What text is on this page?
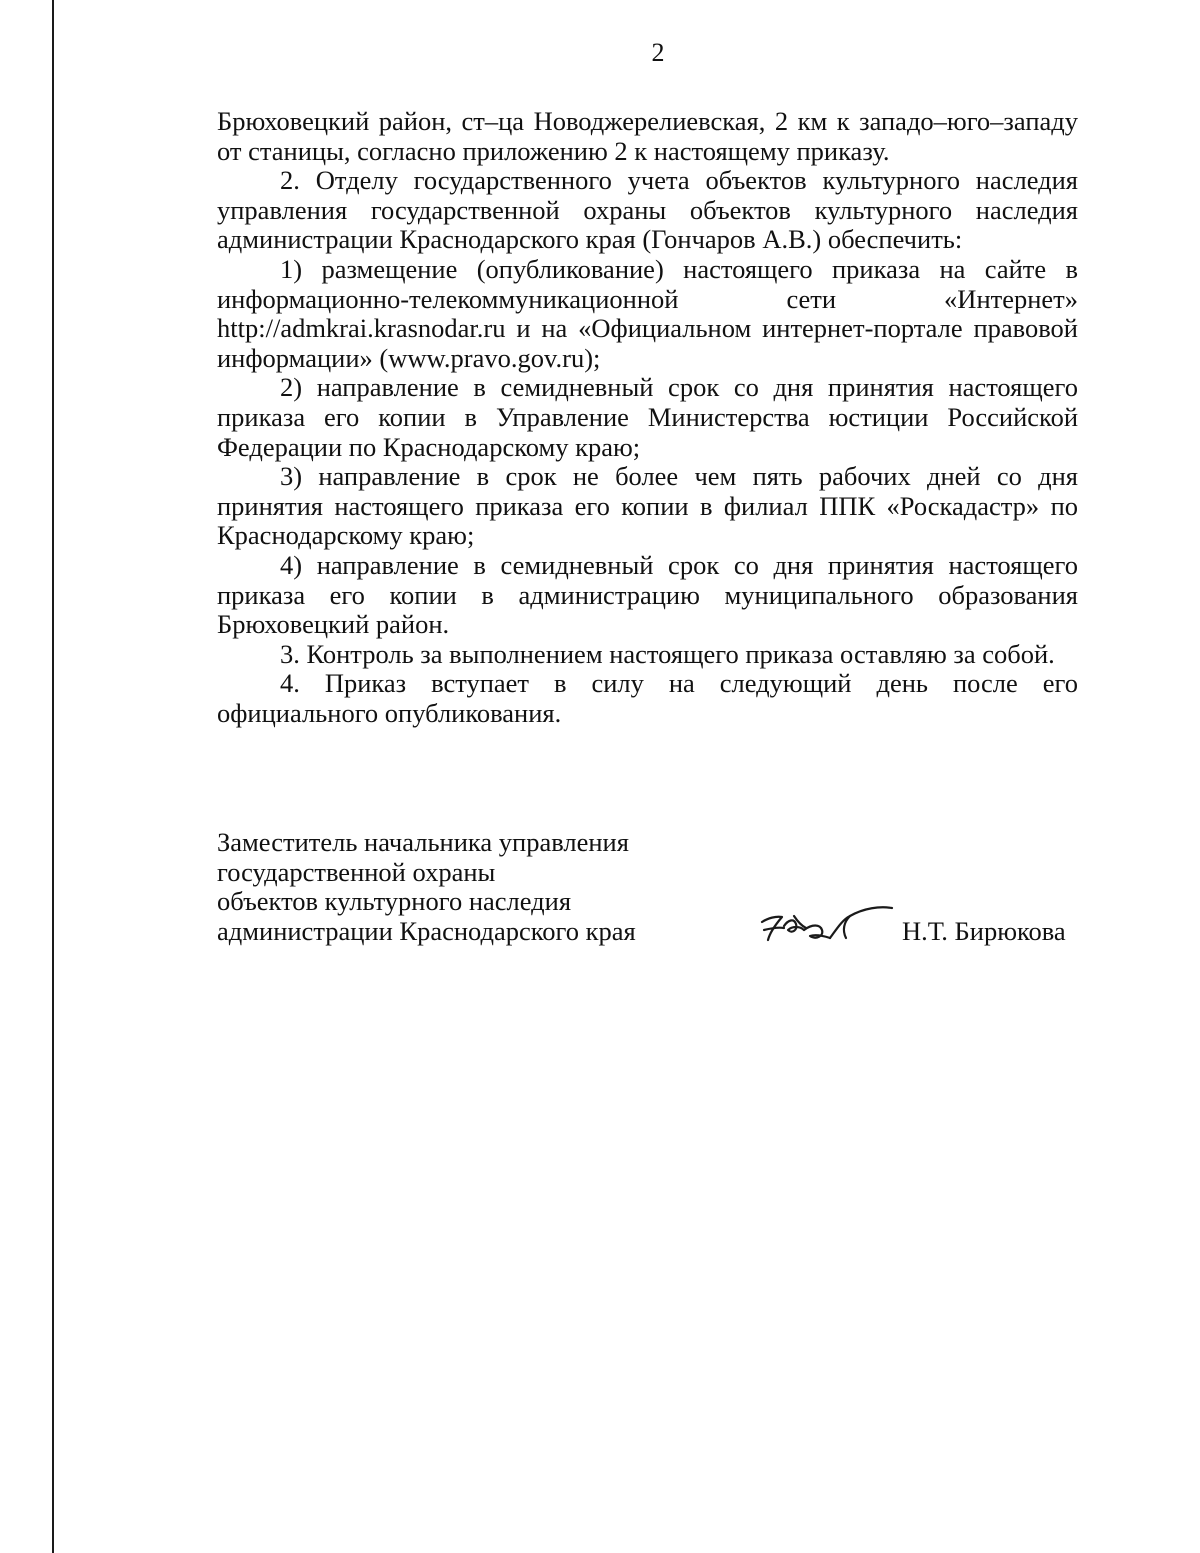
2

Брюховецкий район, ст–ца Новоджерелиевская, 2 км к западо–юго–западу от станицы, согласно приложению 2 к настоящему приказу.

2. Отделу государственного учета объектов культурного наследия управления государственной охраны объектов культурного наследия администрации Краснодарского края (Гончаров А.В.) обеспечить:

1) размещение (опубликование) настоящего приказа на сайте в информационно-телекоммуникационной сети «Интернет» http://admkrai.krasnodar.ru и на «Официальном интернет-портале правовой информации» (www.pravo.gov.ru);

2) направление в семидневный срок со дня принятия настоящего приказа его копии в Управление Министерства юстиции Российской Федерации по Краснодарскому краю;

3) направление в срок не более чем пять рабочих дней со дня принятия настоящего приказа его копии в филиал ППК «Роскадастр» по Краснодарскому краю;

4) направление в семидневный срок со дня принятия настоящего приказа его копии в администрацию муниципального образования Брюховецкий район.

3. Контроль за выполнением настоящего приказа оставляю за собой.

4. Приказ вступает в силу на следующий день после его официального опубликования.

Заместитель начальника управления
государственной охраны
объектов культурного наследия
администрации Краснодарского края	Н.Т. Бирюкова
